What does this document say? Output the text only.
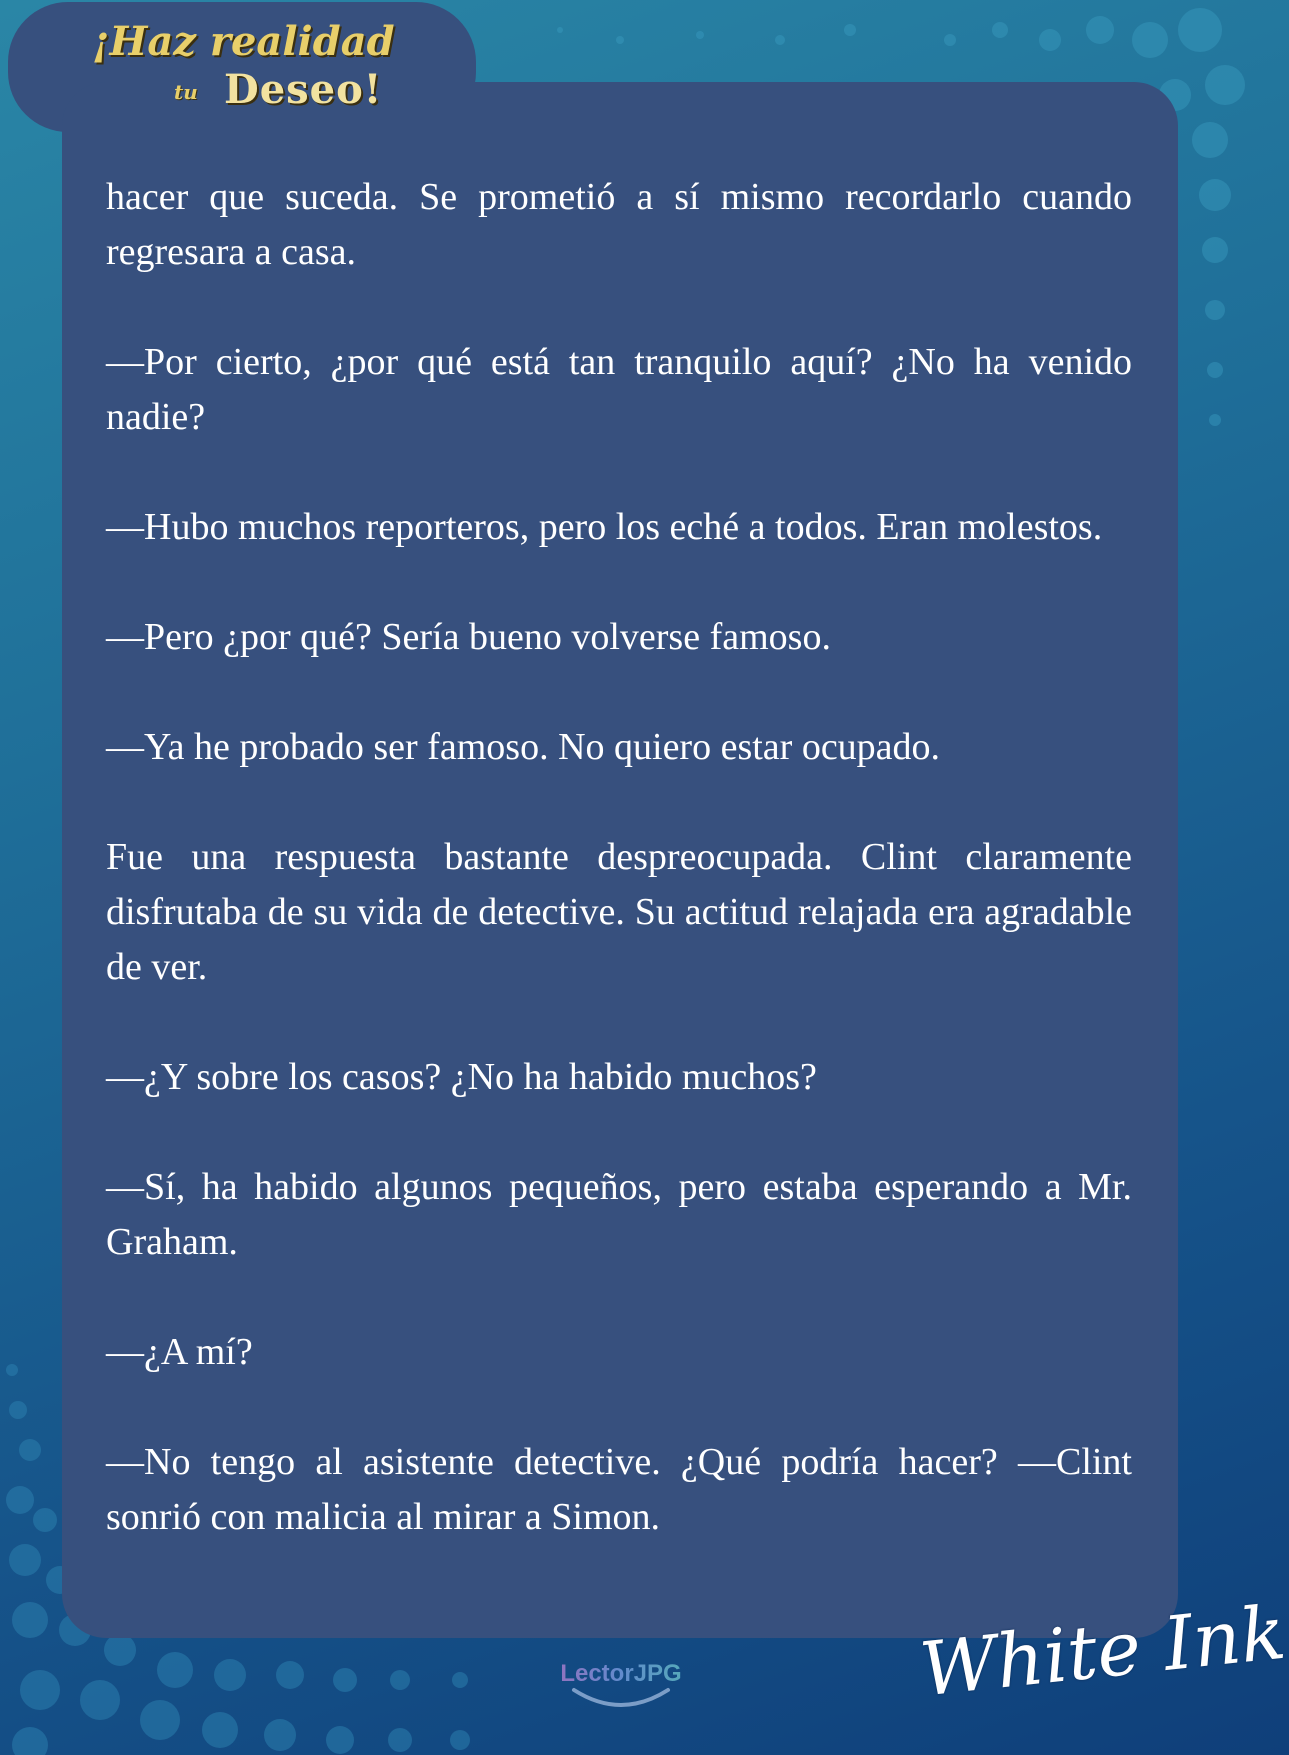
¡Haz realidad
tu Deseo!

hacer que suceda. Se prometió a sí mismo recordarlo cuando regresara a casa.

—Por cierto, ¿por qué está tan tranquilo aquí? ¿No ha venido nadie?

—Hubo muchos reporteros, pero los eché a todos. Eran molestos.

—Pero ¿por qué? Sería bueno volverse famoso.

—Ya he probado ser famoso. No quiero estar ocupado.

Fue una respuesta bastante despreocupada. Clint claramente disfrutaba de su vida de detective. Su actitud relajada era agradable de ver.

—¿Y sobre los casos? ¿No ha habido muchos?

—Sí, ha habido algunos pequeños, pero estaba esperando a Mr. Graham.

—¿A mí?

—No tengo al asistente detective. ¿Qué podría hacer? —Clint sonrió con malicia al mirar a Simon.

LectorJPG	White Ink
